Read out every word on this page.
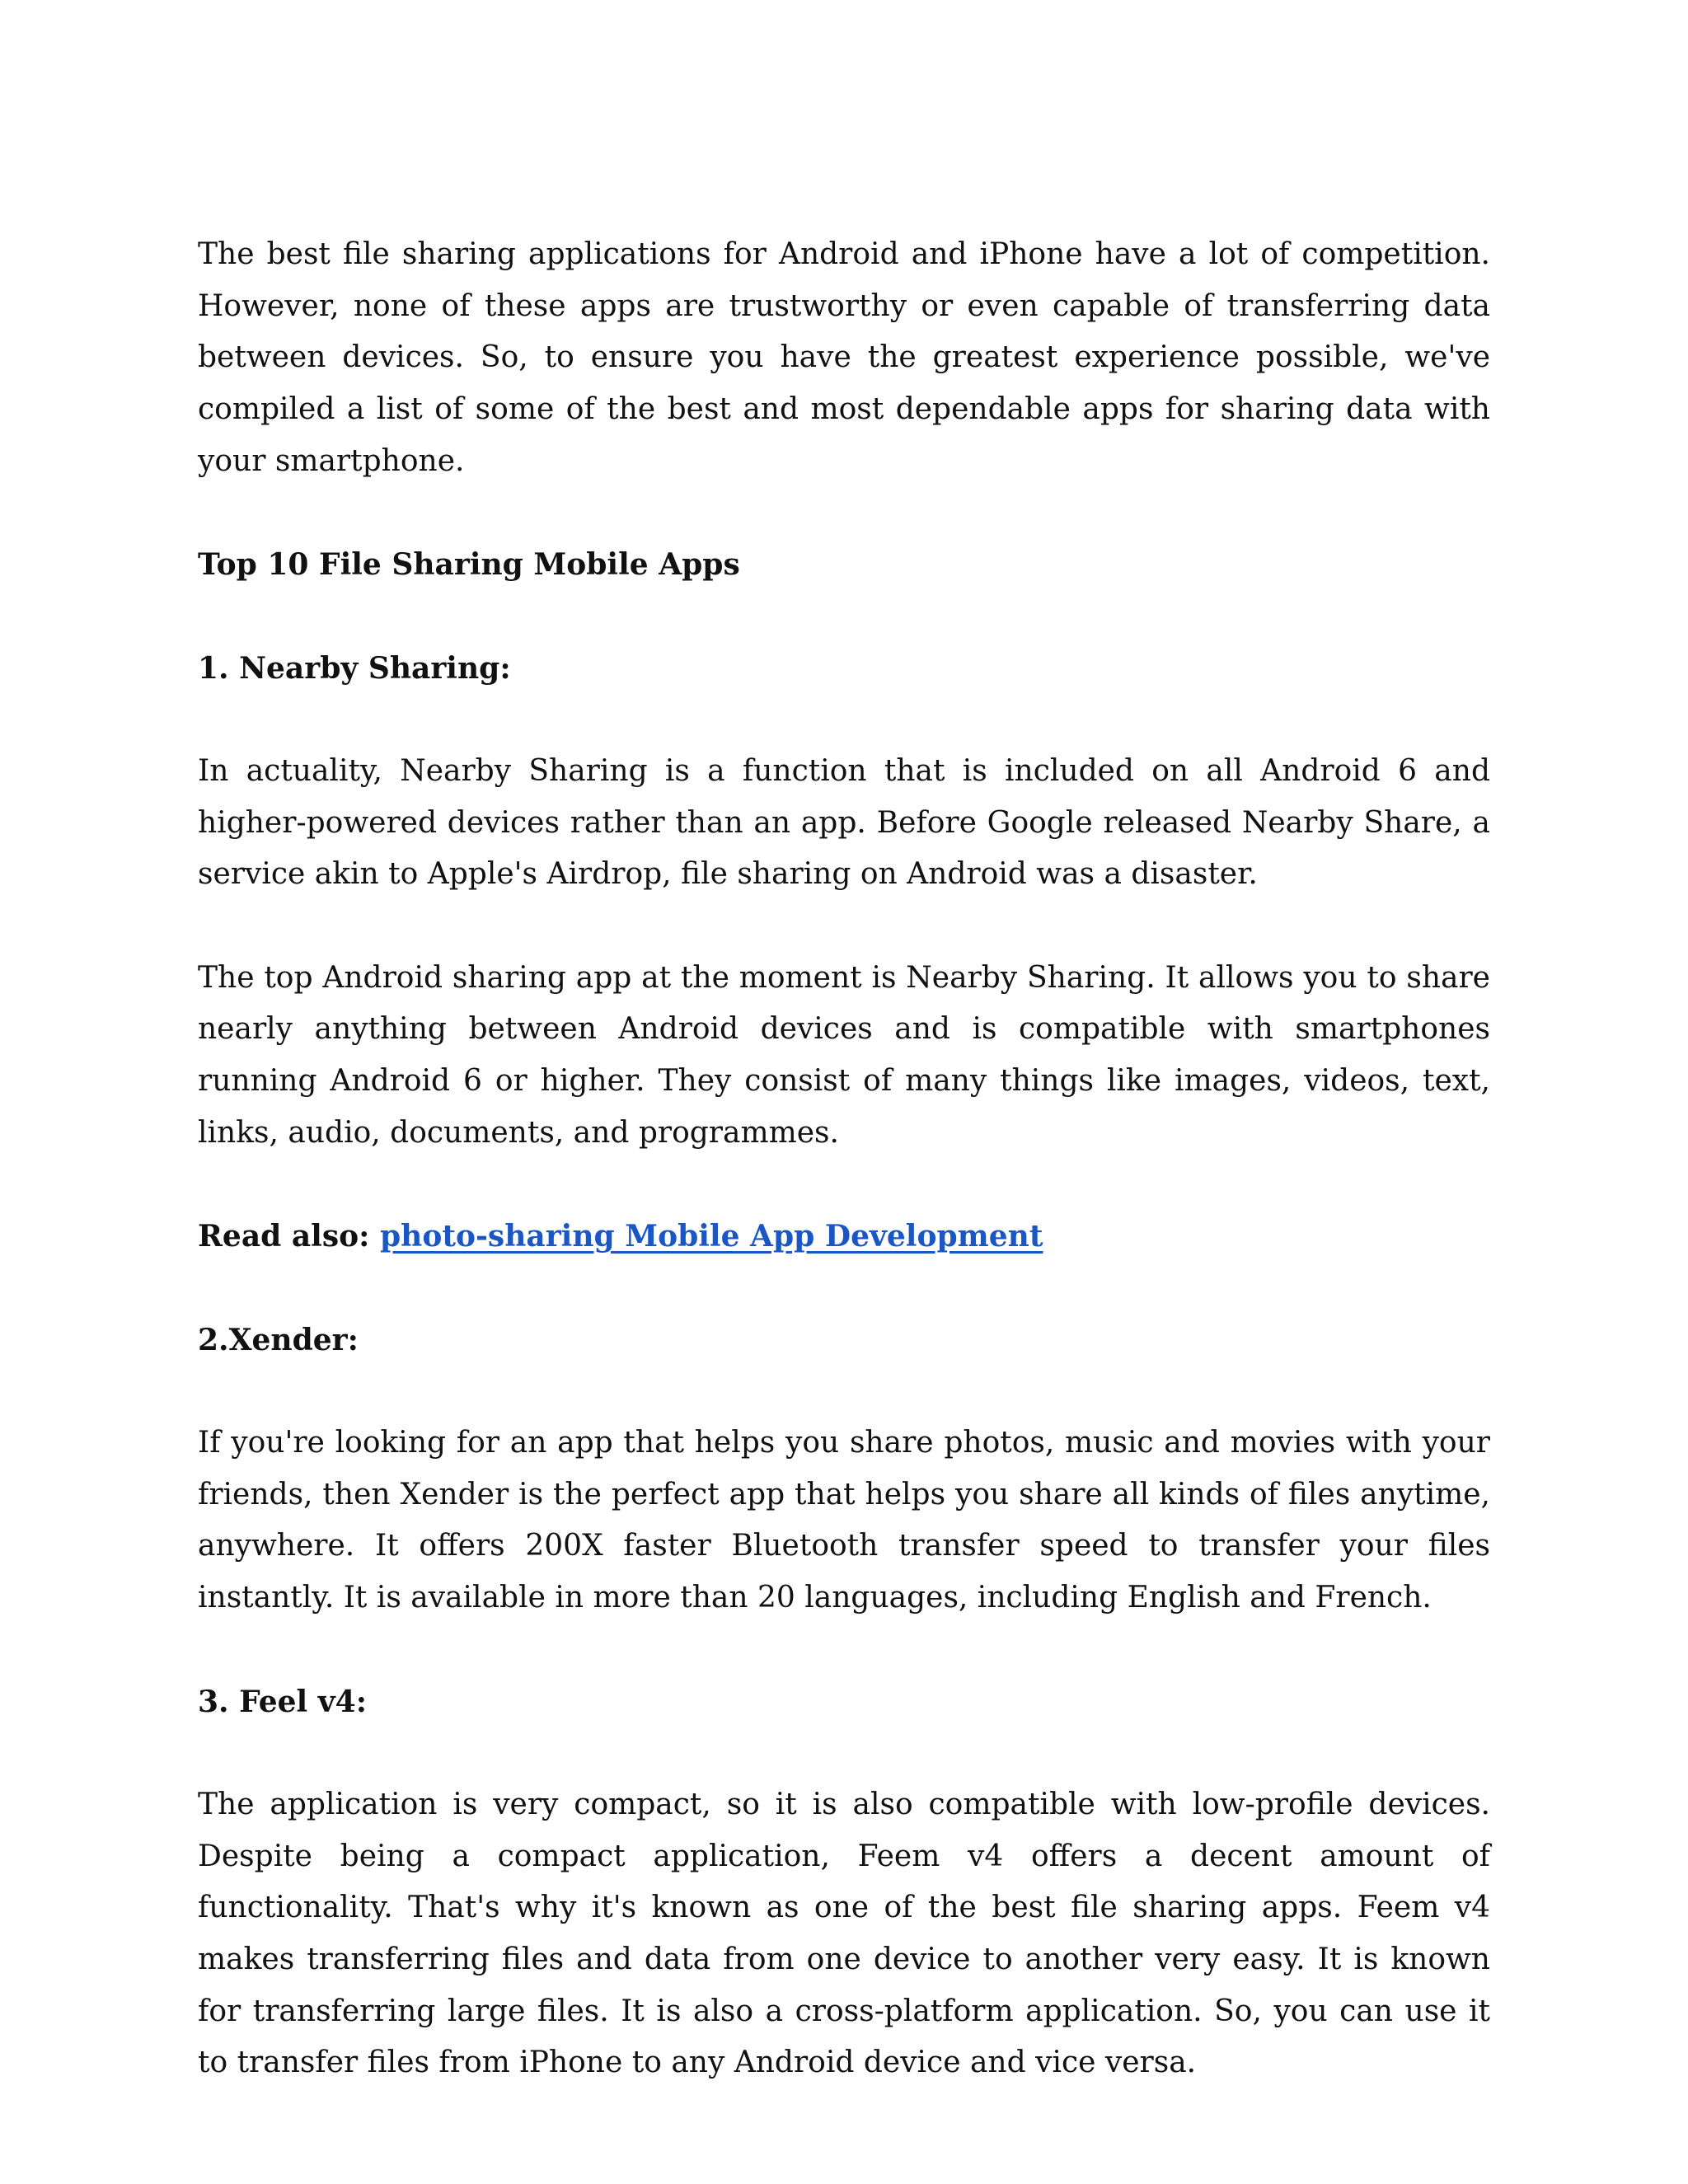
The best file sharing applications for Android and iPhone have a lot of competition. However, none of these apps are trustworthy or even capable of transferring data between devices. So, to ensure you have the greatest experience possible, we've compiled a list of some of the best and most dependable apps for sharing data with your smartphone.

Top 10 File Sharing Mobile Apps

1. Nearby Sharing:

In actuality, Nearby Sharing is a function that is included on all Android 6 and higher-powered devices rather than an app. Before Google released Nearby Share, a service akin to Apple's Airdrop, file sharing on Android was a disaster.

The top Android sharing app at the moment is Nearby Sharing. It allows you to share nearly anything between Android devices and is compatible with smartphones running Android 6 or higher. They consist of many things like images, videos, text, links, audio, documents, and programmes.

Read also: photo-sharing Mobile App Development

2.Xender:

If you're looking for an app that helps you share photos, music and movies with your friends, then Xender is the perfect app that helps you share all kinds of files anytime, anywhere. It offers 200X faster Bluetooth transfer speed to transfer your files instantly. It is available in more than 20 languages, including English and French.

3. Feel v4:

The application is very compact, so it is also compatible with low-profile devices. Despite being a compact application, Feem v4 offers a decent amount of functionality. That's why it's known as one of the best file sharing apps. Feem v4 makes transferring files and data from one device to another very easy. It is known for transferring large files. It is also a cross-platform application. So, you can use it to transfer files from iPhone to any Android device and vice versa.
